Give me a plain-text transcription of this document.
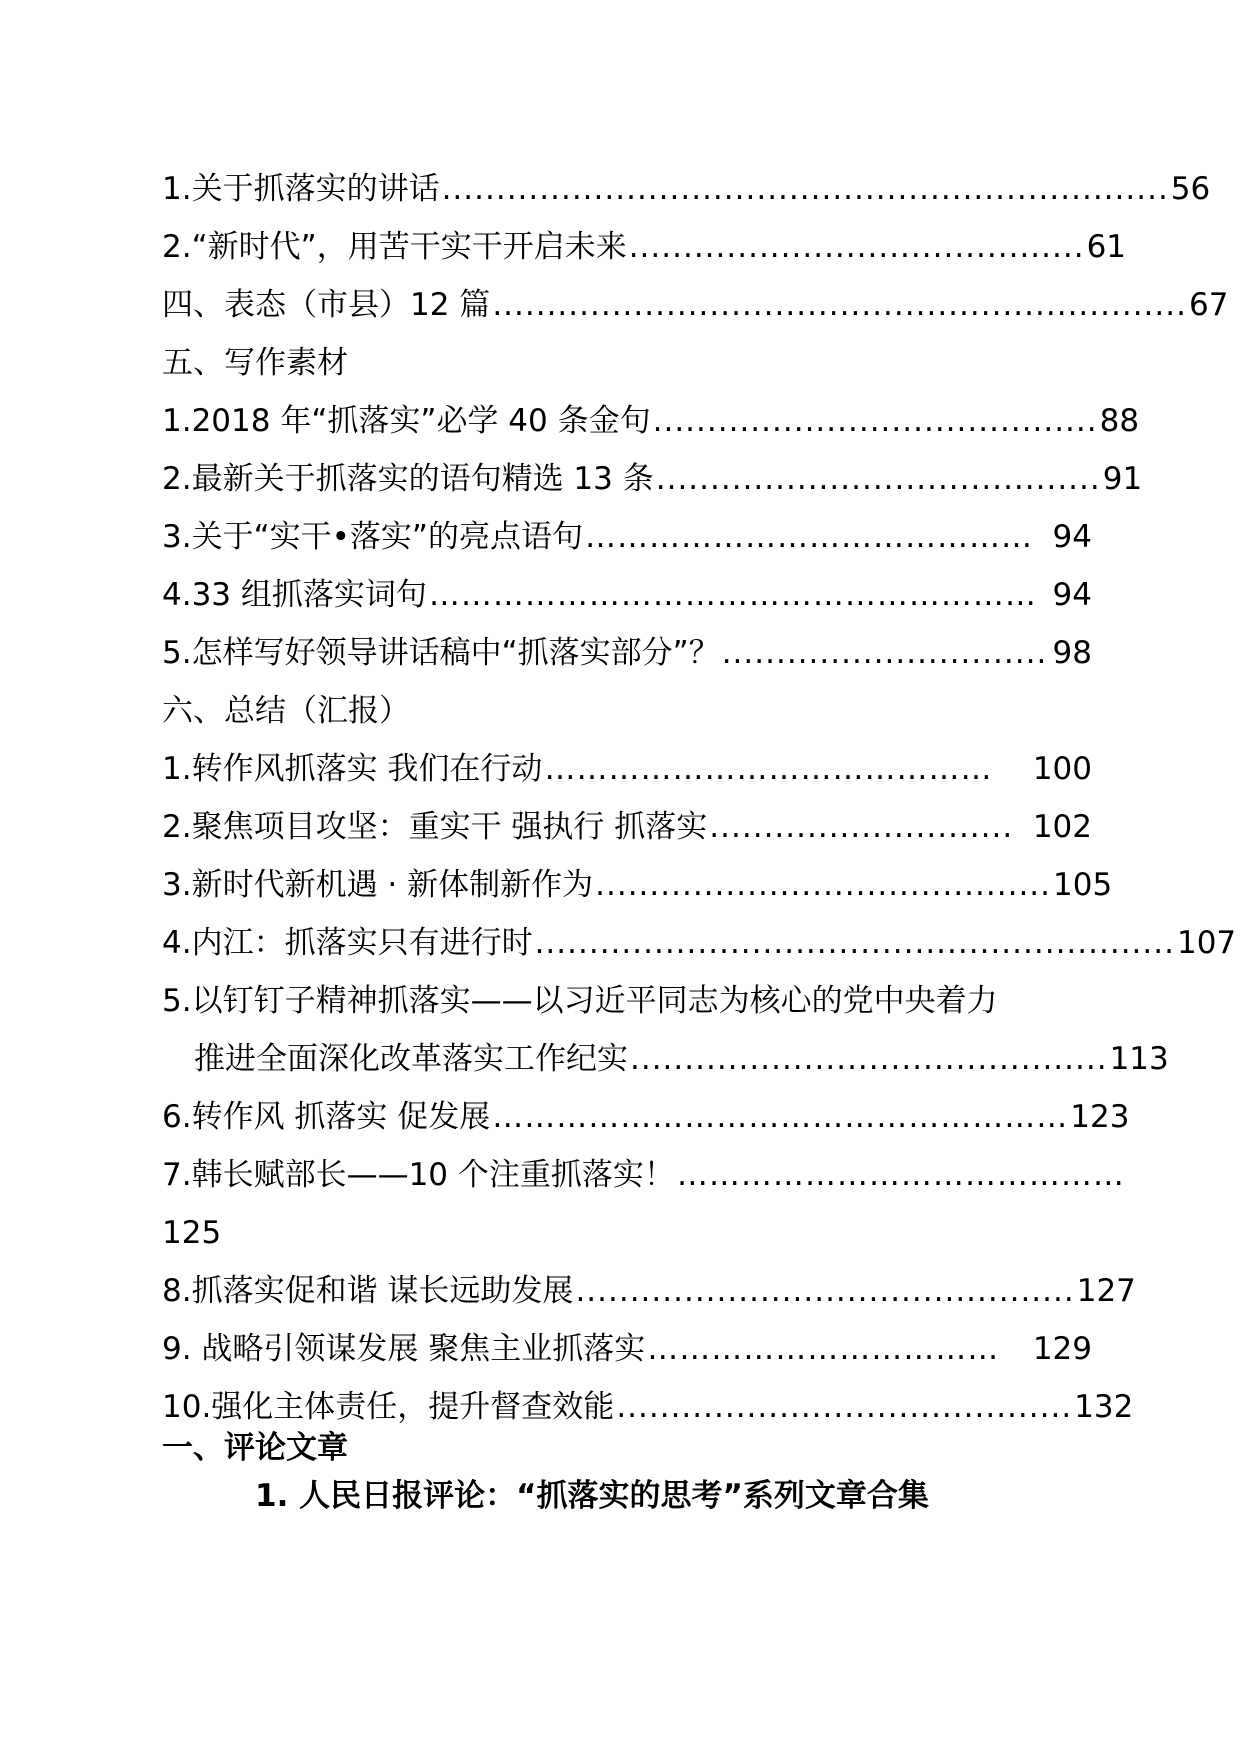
1.关于抓落实的讲话 ................................................................... 56
2.“新时代”，用苦干实干开启未来 .......................................... 61
四、表态（市县）12 篇 ................................................................ 67
五、写作素材
1.2018 年“抓落实”必学 40 条金句 ......................................... 88
2.最新关于抓落实的语句精选 13 条 ......................................... 91
3.关于“实干•落实”的亮点语句 …………………………………… 94
4.33 组抓落实词句 ………………………………………………… 94
5.怎样写好领导讲话稿中“抓落实部分”？ .............................. 98
六、总结（汇报）
1.转作风抓落实 我们在行动 ……………………………………	100
2.聚焦项目攻坚：重实干 强执行 抓落实 ............................ 102
3.新时代新机遇 · 新体制新作为 .......................................... 105
4.内江：抓落实只有进行时 ........................................................... 107
5.以钉钉子精神抓落实——以习近平同志为核心的党中央着力
推进全面深化改革落实工作纪实 ............................................ 113
6.转作风 抓落实 促发展 ……………………………………………… 123
7.韩长赋部长——10 个注重抓落实！ ……………………………………
125
8.抓落实促和谐 谋长远助发展 .............................................. 127
9. 战略引领谋发展 聚焦主业抓落实 ……………………………	129
10.强化主体责任，提升督查效能 .......................................... 132
一、评论文章
1. 人民日报评论：“抓落实的思考”系列文章合集
